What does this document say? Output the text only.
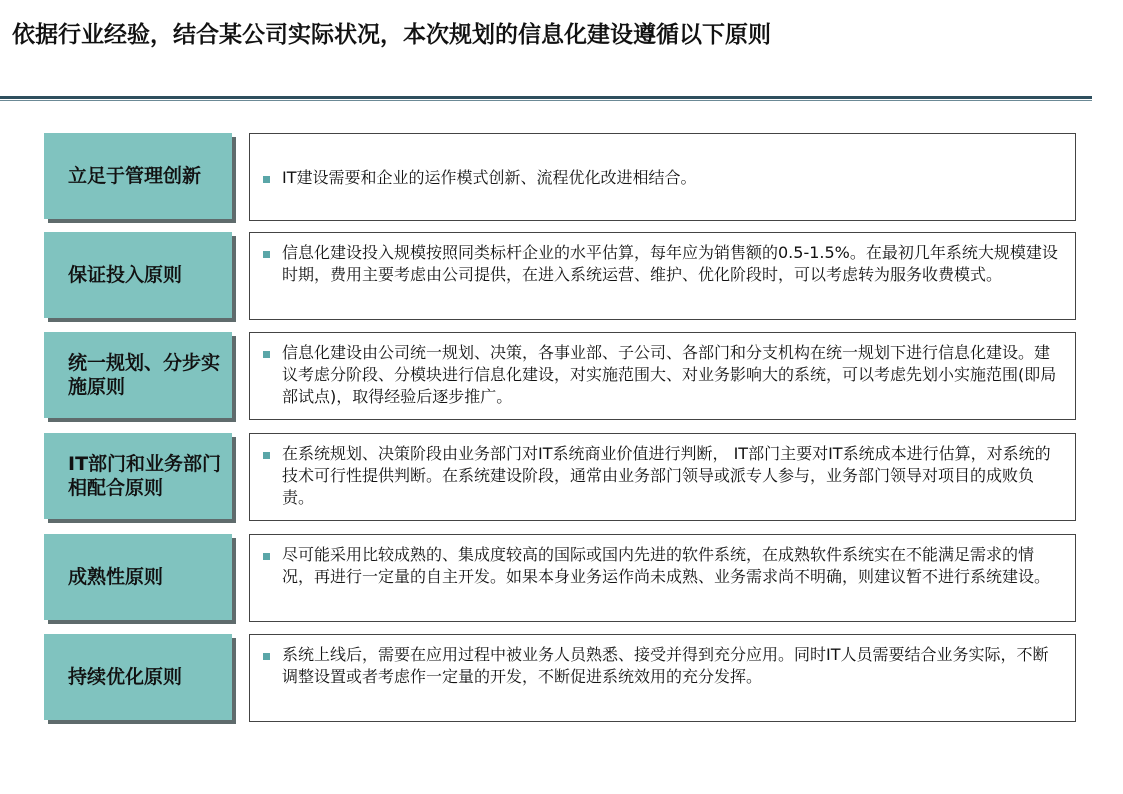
依据行业经验，结合某公司实际状况，本次规划的信息化建设遵循以下原则
立足于管理创新	IT建设需要和企业的运作模式创新、流程优化改进相结合。
保证投入原则
信息化建设投入规模按照同类标杆企业的水平估算，每年应为销售额的0.5-1.5%。在最初几年系统大规模建设时期，费用主要考虑由公司提供，在进入系统运营、维护、优化阶段时，可以考虑转为服务收费模式。
统一规划、分步实施原则
信息化建设由公司统一规划、决策，各事业部、子公司、各部门和分支机构在统一规划下进行信息化建设。建议考虑分阶段、分模块进行信息化建设，对实施范围大、对业务影响大的系统，可以考虑先划小实施范围(即局部试点)，取得经验后逐步推广。
IT部门和业务部门相配合原则
在系统规划、决策阶段由业务部门对IT系统商业价值进行判断， IT部门主要对IT系统成本进行估算，对系统的技术可行性提供判断。在系统建设阶段，通常由业务部门领导或派专人参与，业务部门领导对项目的成败负责。
成熟性原则
尽可能采用比较成熟的、集成度较高的国际或国内先进的软件系统，在成熟软件系统实在不能满足需求的情况，再进行一定量的自主开发。如果本身业务运作尚未成熟、业务需求尚不明确，则建议暂不进行系统建设。
持续优化原则
系统上线后，需要在应用过程中被业务人员熟悉、接受并得到充分应用。同时IT人员需要结合业务实际，不断调整设置或者考虑作一定量的开发，不断促进系统效用的充分发挥。
